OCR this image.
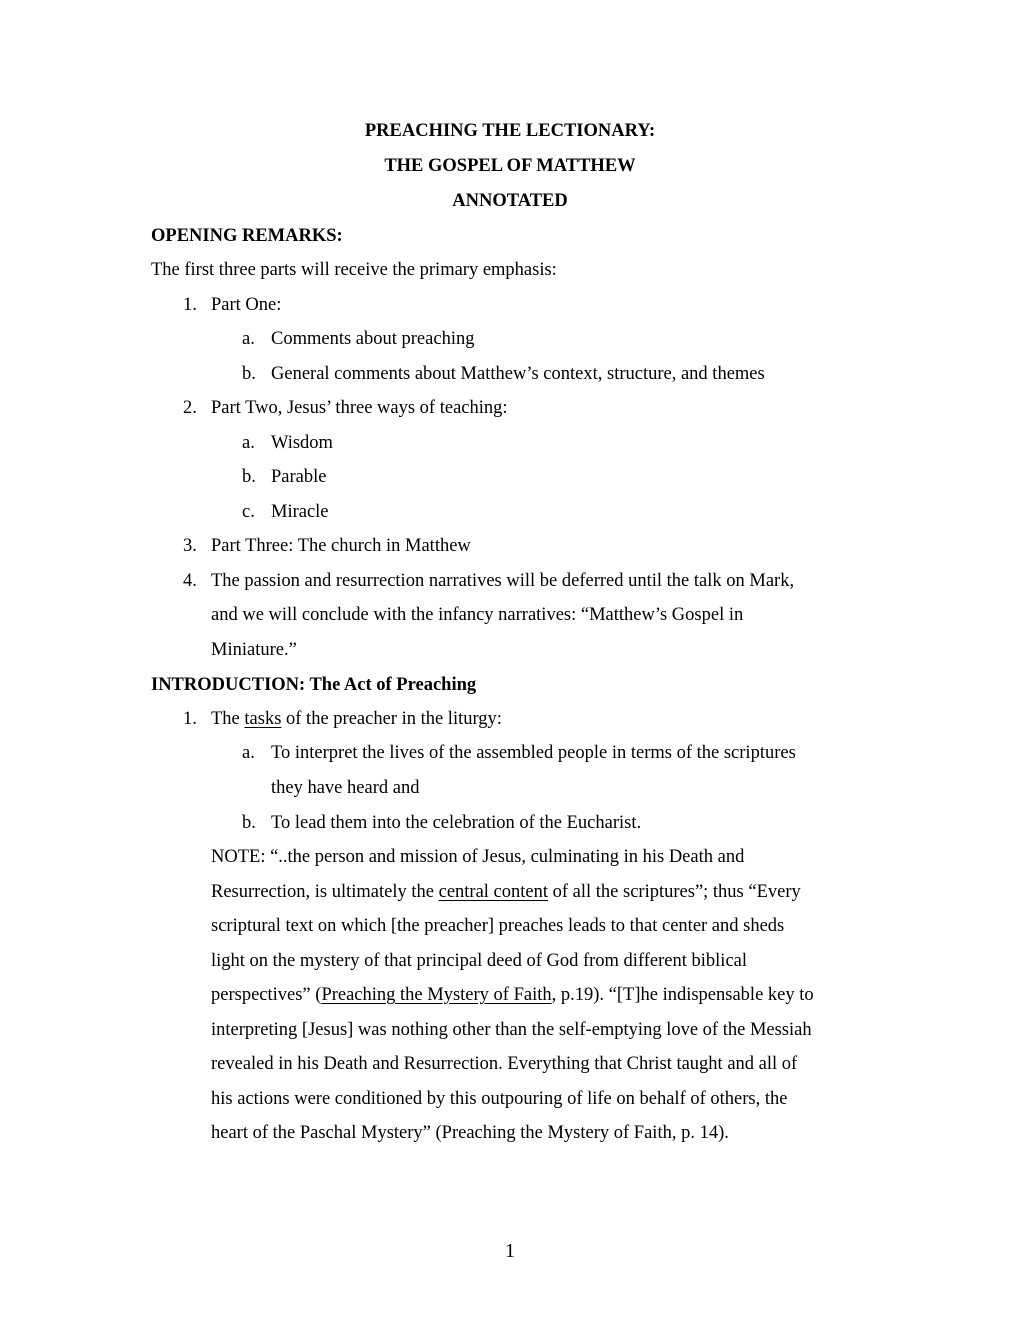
PREACHING THE LECTIONARY:
THE GOSPEL OF MATTHEW
ANNOTATED
OPENING REMARKS:
The first three parts will receive the primary emphasis:
1. Part One:
a. Comments about preaching
b. General comments about Matthew’s context, structure, and themes
2. Part Two, Jesus’ three ways of teaching:
a. Wisdom
b. Parable
c. Miracle
3. Part Three: The church in Matthew
4. The passion and resurrection narratives will be deferred until the talk on Mark,
and we will conclude with the infancy narratives: “Matthew’s Gospel in
Miniature.”
INTRODUCTION: The Act of Preaching
1. The tasks of the preacher in the liturgy:
a. To interpret the lives of the assembled people in terms of the scriptures
they have heard and
b. To lead them into the celebration of the Eucharist.
NOTE: “..the person and mission of Jesus, culminating in his Death and
Resurrection, is ultimately the central content of all the scriptures”; thus “Every
scriptural text on which [the preacher] preaches leads to that center and sheds
light on the mystery of that principal deed of God from different biblical
perspectives” (Preaching the Mystery of Faith, p.19). “[T]he indispensable key to
interpreting [Jesus] was nothing other than the self-emptying love of the Messiah
revealed in his Death and Resurrection. Everything that Christ taught and all of
his actions were conditioned by this outpouring of life on behalf of others, the
heart of the Paschal Mystery” (Preaching the Mystery of Faith, p. 14).
1
